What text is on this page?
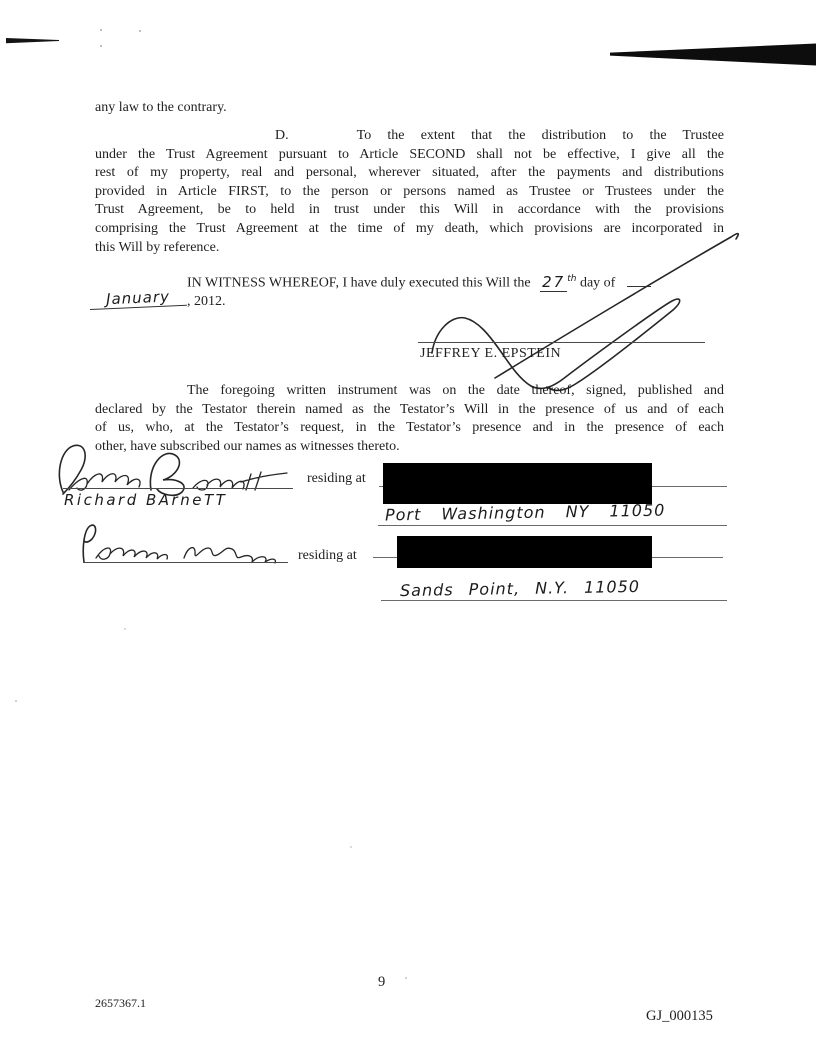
any law to the contrary.
D.	To the extent that the distribution to the Trustee
under the Trust Agreement pursuant to Article SECOND shall not be effective, I give all the
rest of my property, real and personal, wherever situated, after the payments and distributions
provided in Article FIRST, to the person or persons named as Trustee or Trustees under the
Trust Agreement, be to held in trust under this Will in accordance with the provisions
comprising the Trust Agreement at the time of my death, which provisions are incorporated in
this Will by reference.
IN WITNESS WHEREOF, I have duly executed this Will the 27 $^{th}$ day of
January , 2012.
JEFFREY E. EPSTEIN
The foregoing written instrument was on the date thereof, signed, published and
declared by the Testator therein named as the Testator’s Will in the presence of us and of each
of us, who, at the Testator’s request, in the Testator’s presence and in the presence of each
other, have subscribed our names as witnesses thereto.
Richard BArneTT
residing at
Port Washington NY 11050
residing at
Sands Point, N.Y. 11050
9
2657367.1
GJ_000135
